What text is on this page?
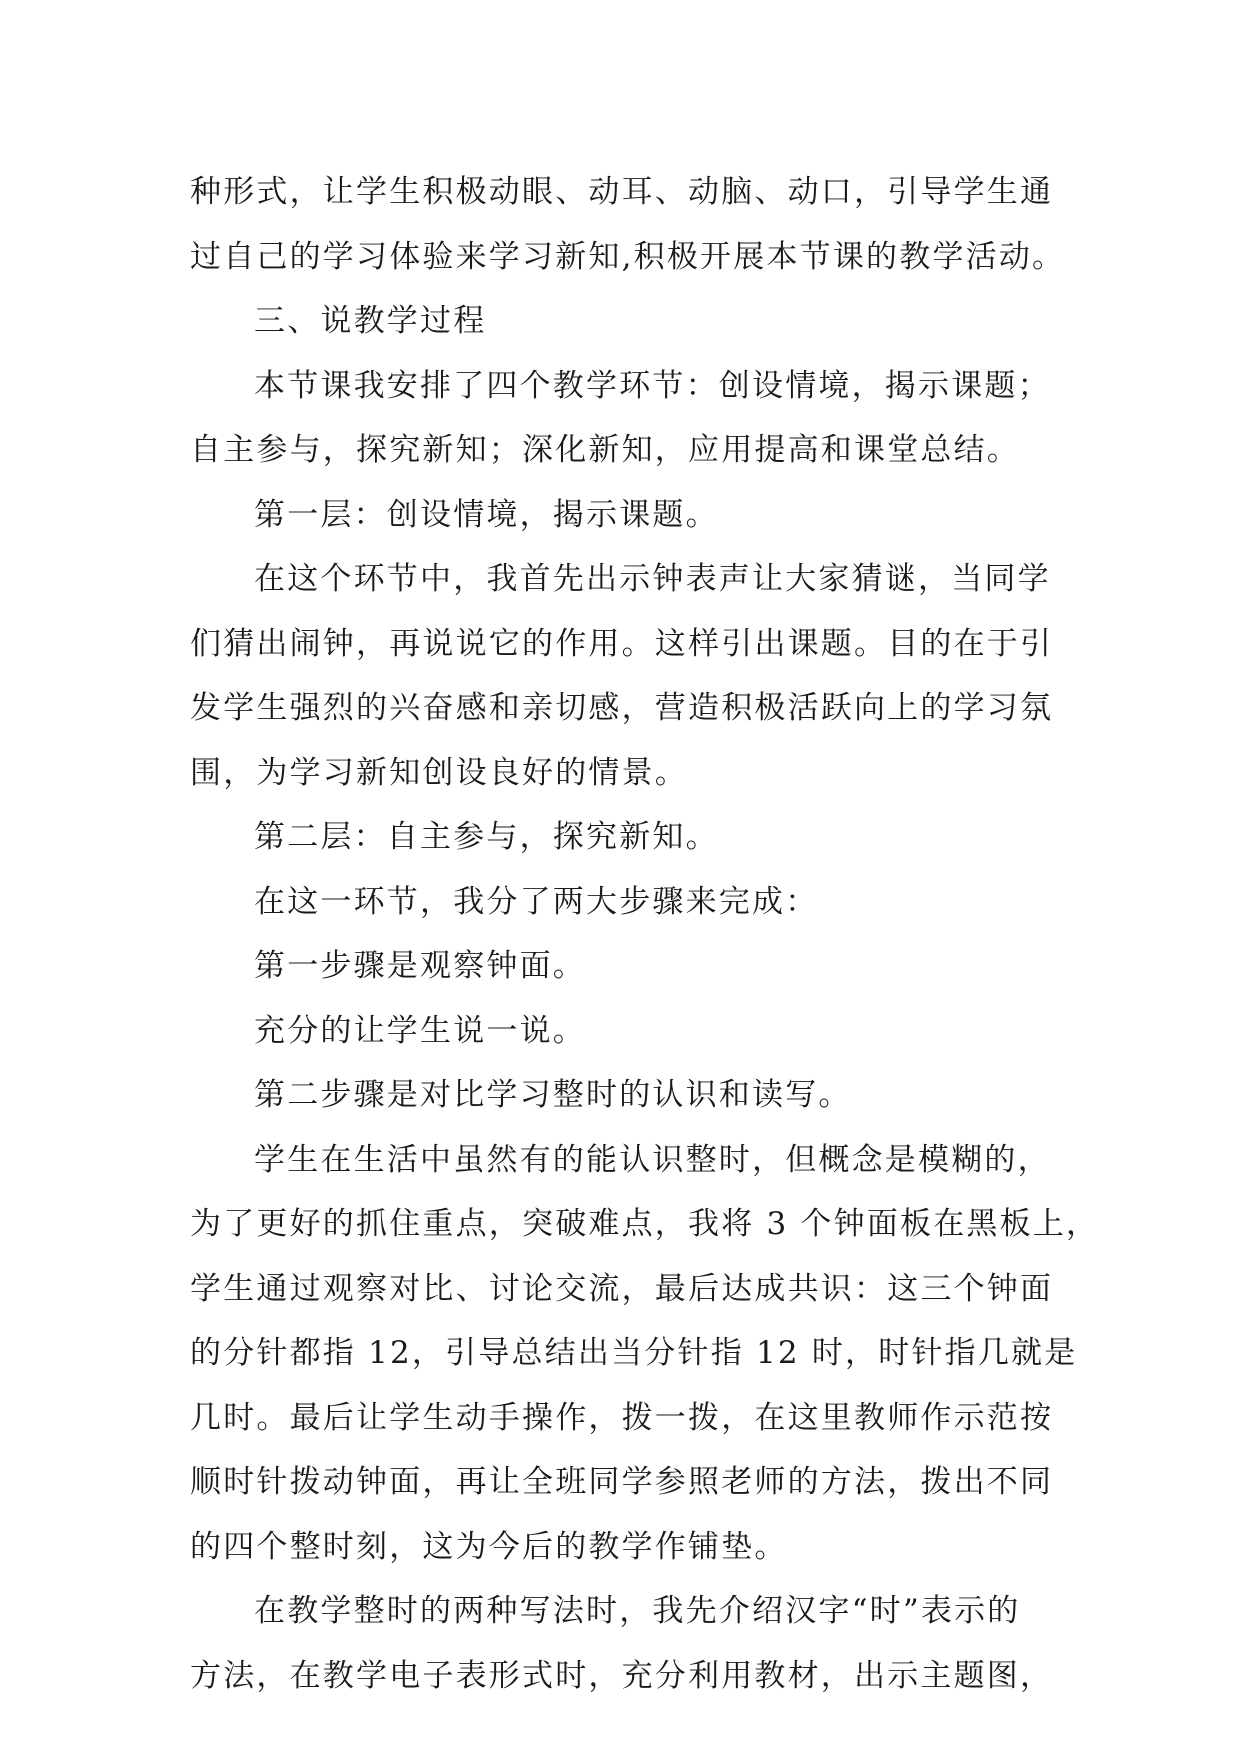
种形式，让学生积极动眼、动耳、动脑、动口，引导学生通
过自己的学习体验来学习新知,积极开展本节课的教学活动。
三、说教学过程
本节课我安排了四个教学环节：创设情境，揭示课题；
自主参与，探究新知；深化新知，应用提高和课堂总结。
第一层：创设情境，揭示课题。
在这个环节中，我首先出示钟表声让大家猜谜，当同学
们猜出闹钟，再说说它的作用。这样引出课题。目的在于引
发学生强烈的兴奋感和亲切感，营造积极活跃向上的学习氛
围，为学习新知创设良好的情景。
第二层：自主参与，探究新知。
在这一环节，我分了两大步骤来完成：
第一步骤是观察钟面。
充分的让学生说一说。
第二步骤是对比学习整时的认识和读写。
学生在生活中虽然有的能认识整时，但概念是模糊的，
为了更好的抓住重点，突破难点，我将 3 个钟面板在黑板上，
学生通过观察对比、讨论交流，最后达成共识：这三个钟面
的分针都指 12，引导总结出当分针指 12 时，时针指几就是
几时。最后让学生动手操作，拨一拨，在这里教师作示范按
顺时针拨动钟面，再让全班同学参照老师的方法，拨出不同
的四个整时刻，这为今后的教学作铺垫。
在教学整时的两种写法时，我先介绍汉字“时”表示的
方法，在教学电子表形式时，充分利用教材，出示主题图，
